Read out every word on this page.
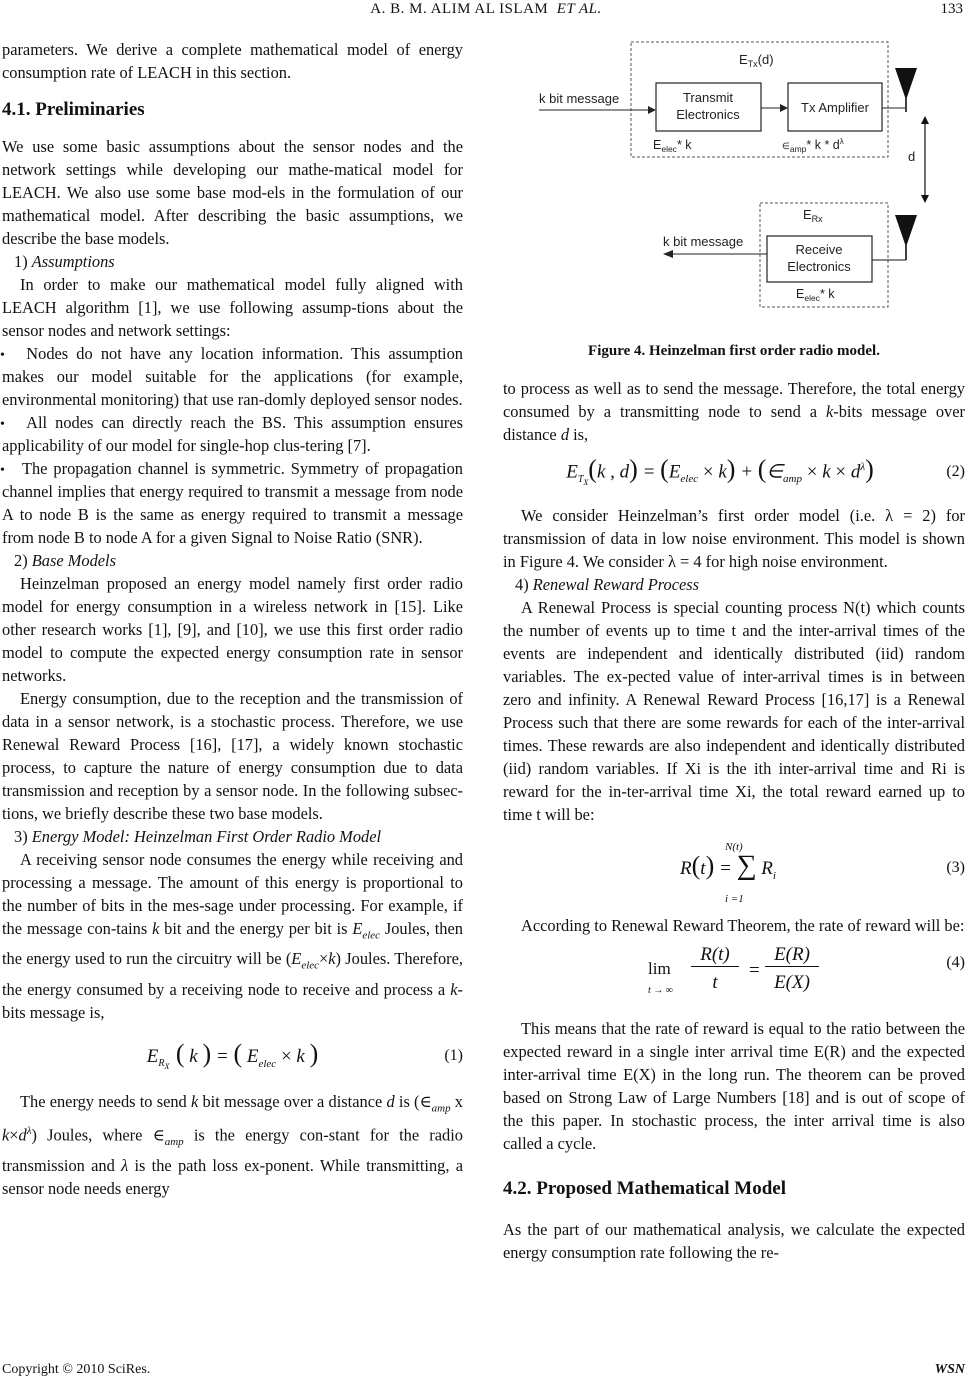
A. B. M. ALIM AL ISLAM ET AL.	133

parameters. We derive a complete mathematical model of energy consumption rate of LEACH in this section.

4.1. Preliminaries

We use some basic assumptions about the sensor nodes and the network settings while developing our mathe-matical model for LEACH. We also use some base mod-els in the formulation of our mathematical model. After describing the basic assumptions, we describe the base models.

1) Assumptions

In order to make our mathematical model fully aligned with LEACH algorithm [1], we use following assump-tions about the sensor nodes and network settings:

•  Nodes do not have any location information. This assumption makes our model suitable for the applications (for example, environmental monitoring) that use ran-domly deployed sensor nodes.

•  All nodes can directly reach the BS. This assumption ensures applicability of our model for single-hop clus-tering [7].

•  The propagation channel is symmetric. Symmetry of propagation channel implies that energy required to transmit a message from node A to node B is the same as energy required to transmit a message from node B to node A for a given Signal to Noise Ratio (SNR).

2) Base Models

Heinzelman proposed an energy model namely first order radio model for energy consumption in a wireless network in [15]. Like other research works [1], [9], and [10], we use this first order radio model to compute the expected energy consumption rate in sensor networks.

Energy consumption, due to the reception and the transmission of data in a sensor network, is a stochastic process. Therefore, we use Renewal Reward Process [16], [17], a widely known stochastic process, to capture the nature of energy consumption due to data transmission and reception by a sensor node. In the following subsec-tions, we briefly describe these two base models.

3) Energy Model: Heinzelman First Order Radio Model

A receiving sensor node consumes the energy while receiving and processing a message. The amount of this energy is proportional to the number of bits in the mes-sage under processing. For example, if the message con-tains k bit and the energy per bit is $E_{elec}$ Joules, then the energy used to run the circuitry will be $(E_{elec}\times k)$ Joules. Therefore, the energy consumed by a receiving node to receive and process a k-bits message is,

$E_{R_X}$ ( k ) = ( $E_{elec} \times k$ )	(1)

The energy needs to send k bit message over a distance d is ($\in_{amp}$ x $k\times d^\lambda$) Joules, where $\in_{amp}$ is the energy con-stant for the radio transmission and λ is the path loss ex-ponent. While transmitting, a sensor node needs energy

$E_{Tx}(d)$
k bit message	Transmit
Electronics	Tx Amplifier
$E_{elec}*$ k	$\in_{amp}*$ k * $d^\lambda$
d
$E_{Rx}$
Receive
Electronics
k bit message
$E_{elec}*$ k

Figure 4. Heinzelman first order radio model.

to process as well as to send the message. Therefore, the total energy consumed by a transmitting node to send a k-bits message over distance d is,

$E_{T_X}(k$ , $d) = (E_{elec} \times k)$ + $(\in_{amp} \times k \times d^\lambda)$	(2)

We consider Heinzelman’s first order model (i.e. λ = 2) for transmission of data in low noise environment. This model is shown in Figure 4. We consider λ = 4 for high noise environment.

4) Renewal Reward Process

A Renewal Process is special counting process N(t) which counts the number of events up to time t and the inter-arrival times of the events are independent and identically distributed (iid) random variables. The ex-pected value of inter-arrival times is in between zero and infinity. A Renewal Reward Process [16,17] is a Renewal Process such that there are some rewards for each of the inter-arrival times. These rewards are also independent and identically distributed (iid) random variables. If Xi is the ith inter-arrival time and Ri is reward for the in-ter-arrival time Xi, the total reward earned up to time t will be:

R(t) = ∑ $R_i$
N(t)
i =1
(3)

According to Renewal Reward Theorem, the rate of reward will be:

lim
t → ∞
R(t)
t
=
E(R)
E(X)
(4)

This means that the rate of reward is equal to the ratio between the expected reward in a single inter arrival time E(R) and the expected inter-arrival time E(X) in the long run. The theorem can be proved based on Strong Law of Large Numbers [18] and is out of scope of the this paper. In stochastic process, the inter arrival time is also called a cycle.

4.2. Proposed Mathematical Model

As the part of our mathematical analysis, we calculate the expected energy consumption rate following the re-

Copyright © 2010 SciRes.	WSN
